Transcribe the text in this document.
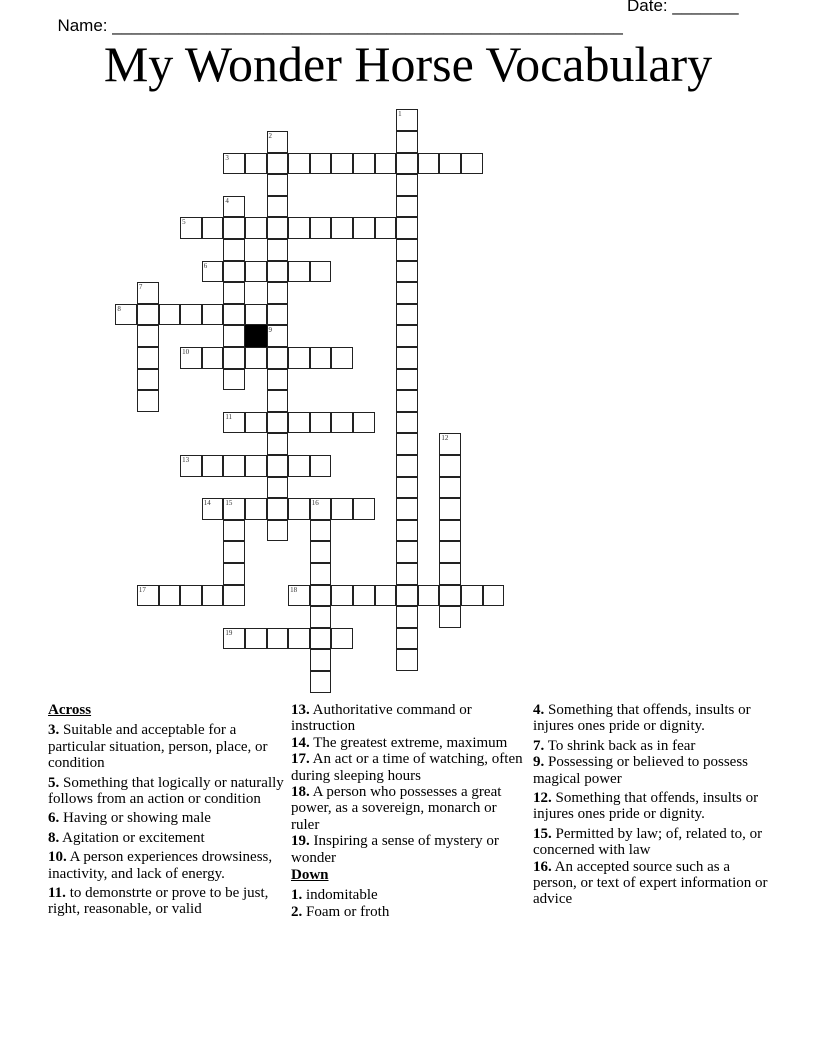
Name: ______________________________________________________

Date: _______

My Wonder Horse Vocabulary
1
2
9
3
4
5
6
7
8
10
11
12
13
14 15	16
17	18
19
Across
3. Suitable and acceptable for a particular situation, person, place, or condition
5. Something that logically or naturally follows from an action or condition
6. Having or showing male
8. Agitation or excitement
10. A person experiences drowsiness, inactivity, and lack of energy.
11. to demonstrte or prove to be just, right, reasonable, or valid
13. Authoritative command or instruction
14. The greatest extreme, maximum
17. An act or a time of watching, often during sleeping hours
18. A person who possesses a great power, as a sovereign, monarch or ruler
19. Inspiring a sense of mystery or wonder
Down
1. indomitable
2. Foam or froth
4. Something that offends, insults or injures ones pride or dignity.
7. To shrink back as in fear
9. Possessing or believed to possess magical power
12. Something that offends, insults or injures ones pride or dignity.
15. Permitted by law; of, related to, or concerned with law
16. An accepted source such as a person, or text of expert information or advice
